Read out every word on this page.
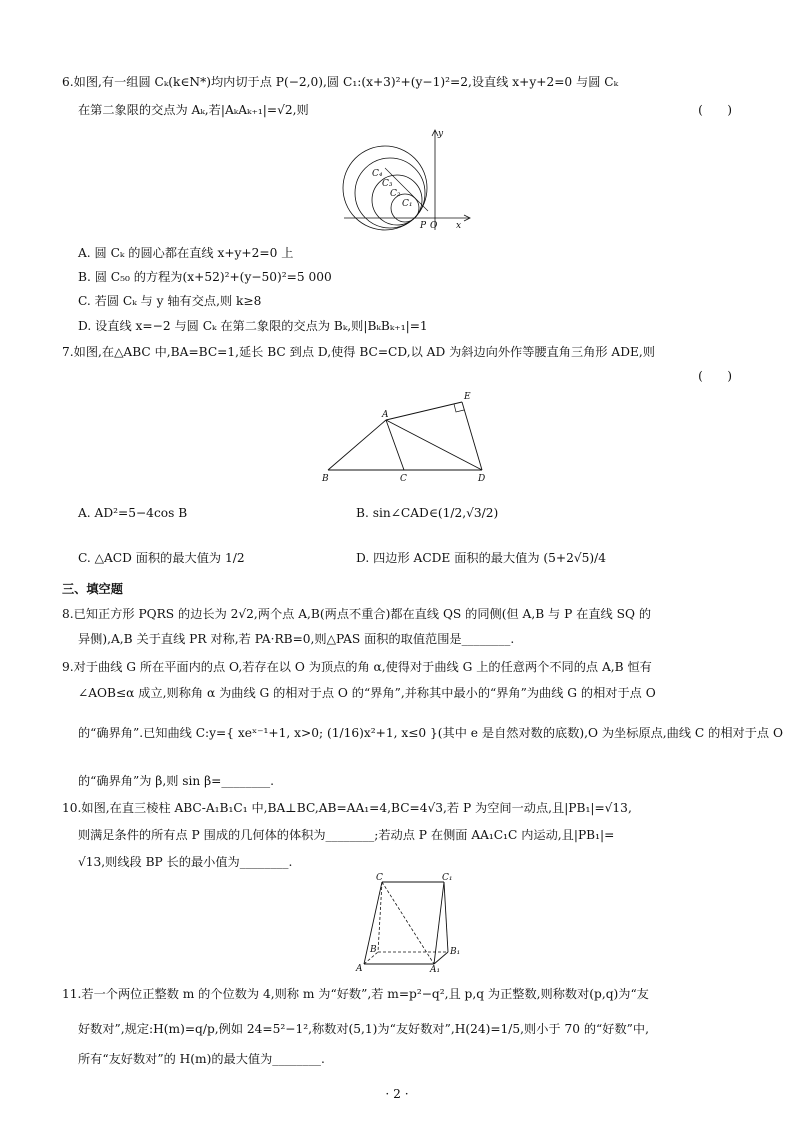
6.如图,有一组圆 Cₖ(k∈N*)均内切于点 P(−2,0),圆 C₁:(x+3)²+(y−1)²=2,设直线 x+y+2=0 与圆 Cₖ
在第二象限的交点为 Aₖ,若|AₖAₖ₊₁|=√2,则	(　　)
y
C₁
C₂
C₃
C₄
P O x
A. 圆 Cₖ 的圆心都在直线 x+y+2=0 上
B. 圆 C₅₀ 的方程为(x+52)²+(y−50)²=5 000
C. 若圆 Cₖ 与 y 轴有交点,则 k≥8
D. 设直线 x=−2 与圆 Cₖ 在第二象限的交点为 Bₖ,则|BₖBₖ₊₁|=1
7.如图,在△ABC 中,BA=BC=1,延长 BC 到点 D,使得 BC=CD,以 AD 为斜边向外作等腰直角三角形 ADE,则
(　　)
A
B	C	D
E
A. AD²=5−4cos B	B. sin∠CAD∈(1/2,√3/2)
C. △ACD 面积的最大值为 1/2	D. 四边形 ACDE 面积的最大值为 (5+2√5)/4
三、填空题
8.已知正方形 PQRS 的边长为 2√2,两个点 A,B(两点不重合)都在直线 QS 的同侧(但 A,B 与 P 在直线 SQ 的
异侧),A,B 关于直线 PR 对称,若 PA·RB=0,则△PAS 面积的取值范围是________.
9.对于曲线 G 所在平面内的点 O,若存在以 O 为顶点的角 α,使得对于曲线 G 上的任意两个不同的点 A,B 恒有
∠AOB≤α 成立,则称角 α 为曲线 G 的相对于点 O 的“界角”,并称其中最小的“界角”为曲线 G 的相对于点 O
的“确界角”.已知曲线 C:y={ xeˣ⁻¹+1, x>0; (1/16)x²+1, x≤0 }(其中 e 是自然对数的底数),O 为坐标原点,曲线 C 的相对于点 O
的“确界角”为 β,则 sin β=________.
10.如图,在直三棱柱 ABC-A₁B₁C₁ 中,BA⊥BC,AB=AA₁=4,BC=4√3,若 P 为空间一动点,且|PB₁|=√13,
则满足条件的所有点 P 围成的几何体的体积为________;若动点 P 在侧面 AA₁C₁C 内运动,且|PB₁|=
√13,则线段 BP 长的最小值为________.
C	C₁
B	B₁
A	A₁
11.若一个两位正整数 m 的个位数为 4,则称 m 为“好数”,若 m=p²−q²,且 p,q 为正整数,则称数对(p,q)为“友
好数对”,规定:H(m)=q/p,例如 24=5²−1²,称数对(5,1)为“友好数对”,H(24)=1/5,则小于 70 的“好数”中,
所有“友好数对”的 H(m)的最大值为________.
· 2 ·
